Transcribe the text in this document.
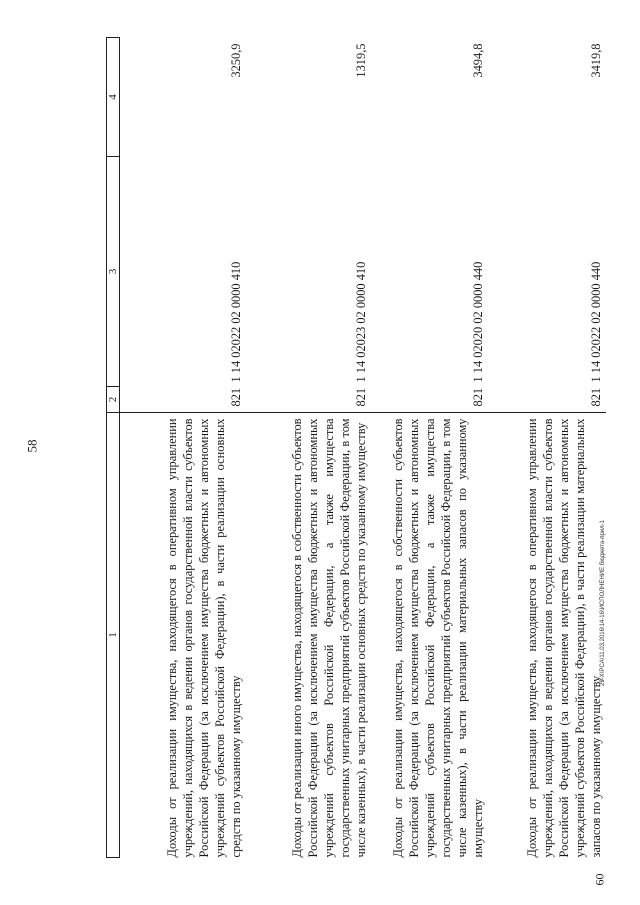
58
60
29-X\PCA\11.03.2016\14-16\ИСПОЛНЕНИЕ бюджета-прил-1
1	2	3	4
Доходы от реализации имущества, находящегося в оперативном управлении учреждений, находящихся в ведении органов государственной власти субъектов Российской Федерации (за исключением имущества бюджетных и автономных учреждений субъектов Российской Федерации), в части реализации основных средств по указанному имуществу	821	1 14 02022 02 0000 410	3250,9
Доходы от реализации иного имущества, находящегося в собственности субъектов Российской Федерации (за исключением имущества бюджетных и автономных учреждений субъектов Российской Федерации, а также имущества государственных унитарных предприятий субъектов Российской Федерации, в том числе казенных), в части реализации основных средств по указанному имуществу	821	1 14 02023 02 0000 410	1319,5
Доходы от реализации имущества, находящегося в собственности субъектов Российской Федерации (за исключением имущества бюджетных и автономных учреждений субъектов Российской Федерации, а также имущества государственных унитарных предприятий субъектов Российской Федерации, в том числе казенных), в части реализации материальных запасов по указанному имуществу	821	1 14 02020 02 0000 440	3494,8
Доходы от реализации имущества, находящегося в оперативном управлении учреждений, находящихся в ведении органов государственной власти субъектов Российской Федерации (за исключением имущества бюджетных и автономных учреждений субъектов Российской Федерации), в части реализации материальных запасов по указанному имуществу	821	1 14 02022 02 0000 440	3419,8
